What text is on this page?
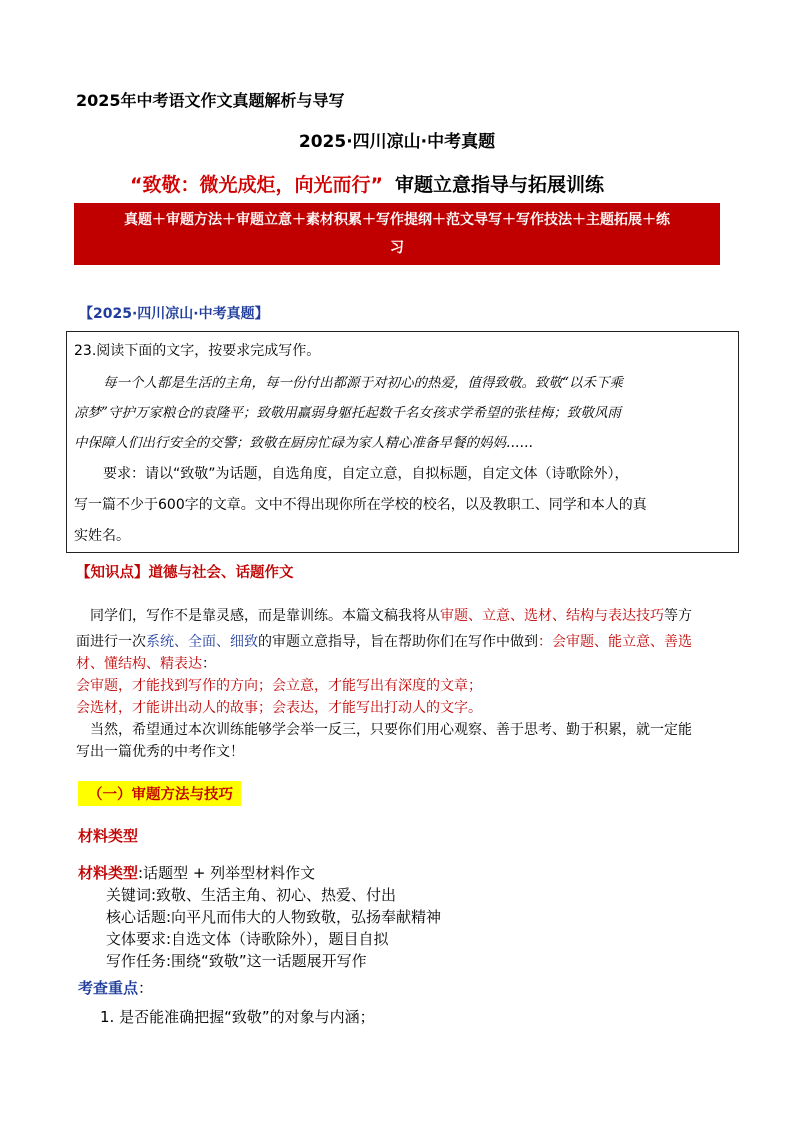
2025年中考语文作文真题解析与导写
2025·四川凉山·中考真题
“致敬：微光成炬，向光而行” 审题立意指导与拓展训练
真题＋审题方法＋审题立意＋素材积累＋写作提纲＋范文导写＋写作技法＋主题拓展＋练
习
【2025·四川凉山·中考真题】
23.阅读下面的文字，按要求完成写作。
每一个人都是生活的主角，每一份付出都源于对初心的热爱，值得致敬。致敬“以禾下乘
凉梦”守护万家粮仓的袁隆平；致敬用羸弱身躯托起数千名女孩求学希望的张桂梅；致敬风雨
中保障人们出行安全的交警；致敬在厨房忙碌为家人精心准备早餐的妈妈……
要求：请以“致敬”为话题，自选角度，自定立意，自拟标题，自定文体（诗歌除外），
写一篇不少于600字的文章。文中不得出现你所在学校的校名，以及教职工、同学和本人的真
实姓名。
【知识点】道德与社会、话题作文
同学们，写作不是靠灵感，而是靠训练。本篇文稿我将从审题、立意、选材、结构与表达技巧等方
面进行一次系统、全面、细致的审题立意指导，旨在帮助你们在写作中做到：会审题、能立意、善选
材、懂结构、精表达：
会审题，才能找到写作的方向；会立意，才能写出有深度的文章；
会选材，才能讲出动人的故事；会表达，才能写出打动人的文字。
当然，希望通过本次训练能够学会举一反三，只要你们用心观察、善于思考、勤于积累，就一定能
写出一篇优秀的中考作文！
（一）审题方法与技巧
材料类型
材料类型:话题型 + 列举型材料作文
关键词:致敬、生活主角、初心、热爱、付出
核心话题:向平凡而伟大的人物致敬，弘扬奉献精神
文体要求:自选文体（诗歌除外），题目自拟
写作任务:围绕“致敬”这一话题展开写作
考查重点：
1. 是否能准确把握“致敬”的对象与内涵；
